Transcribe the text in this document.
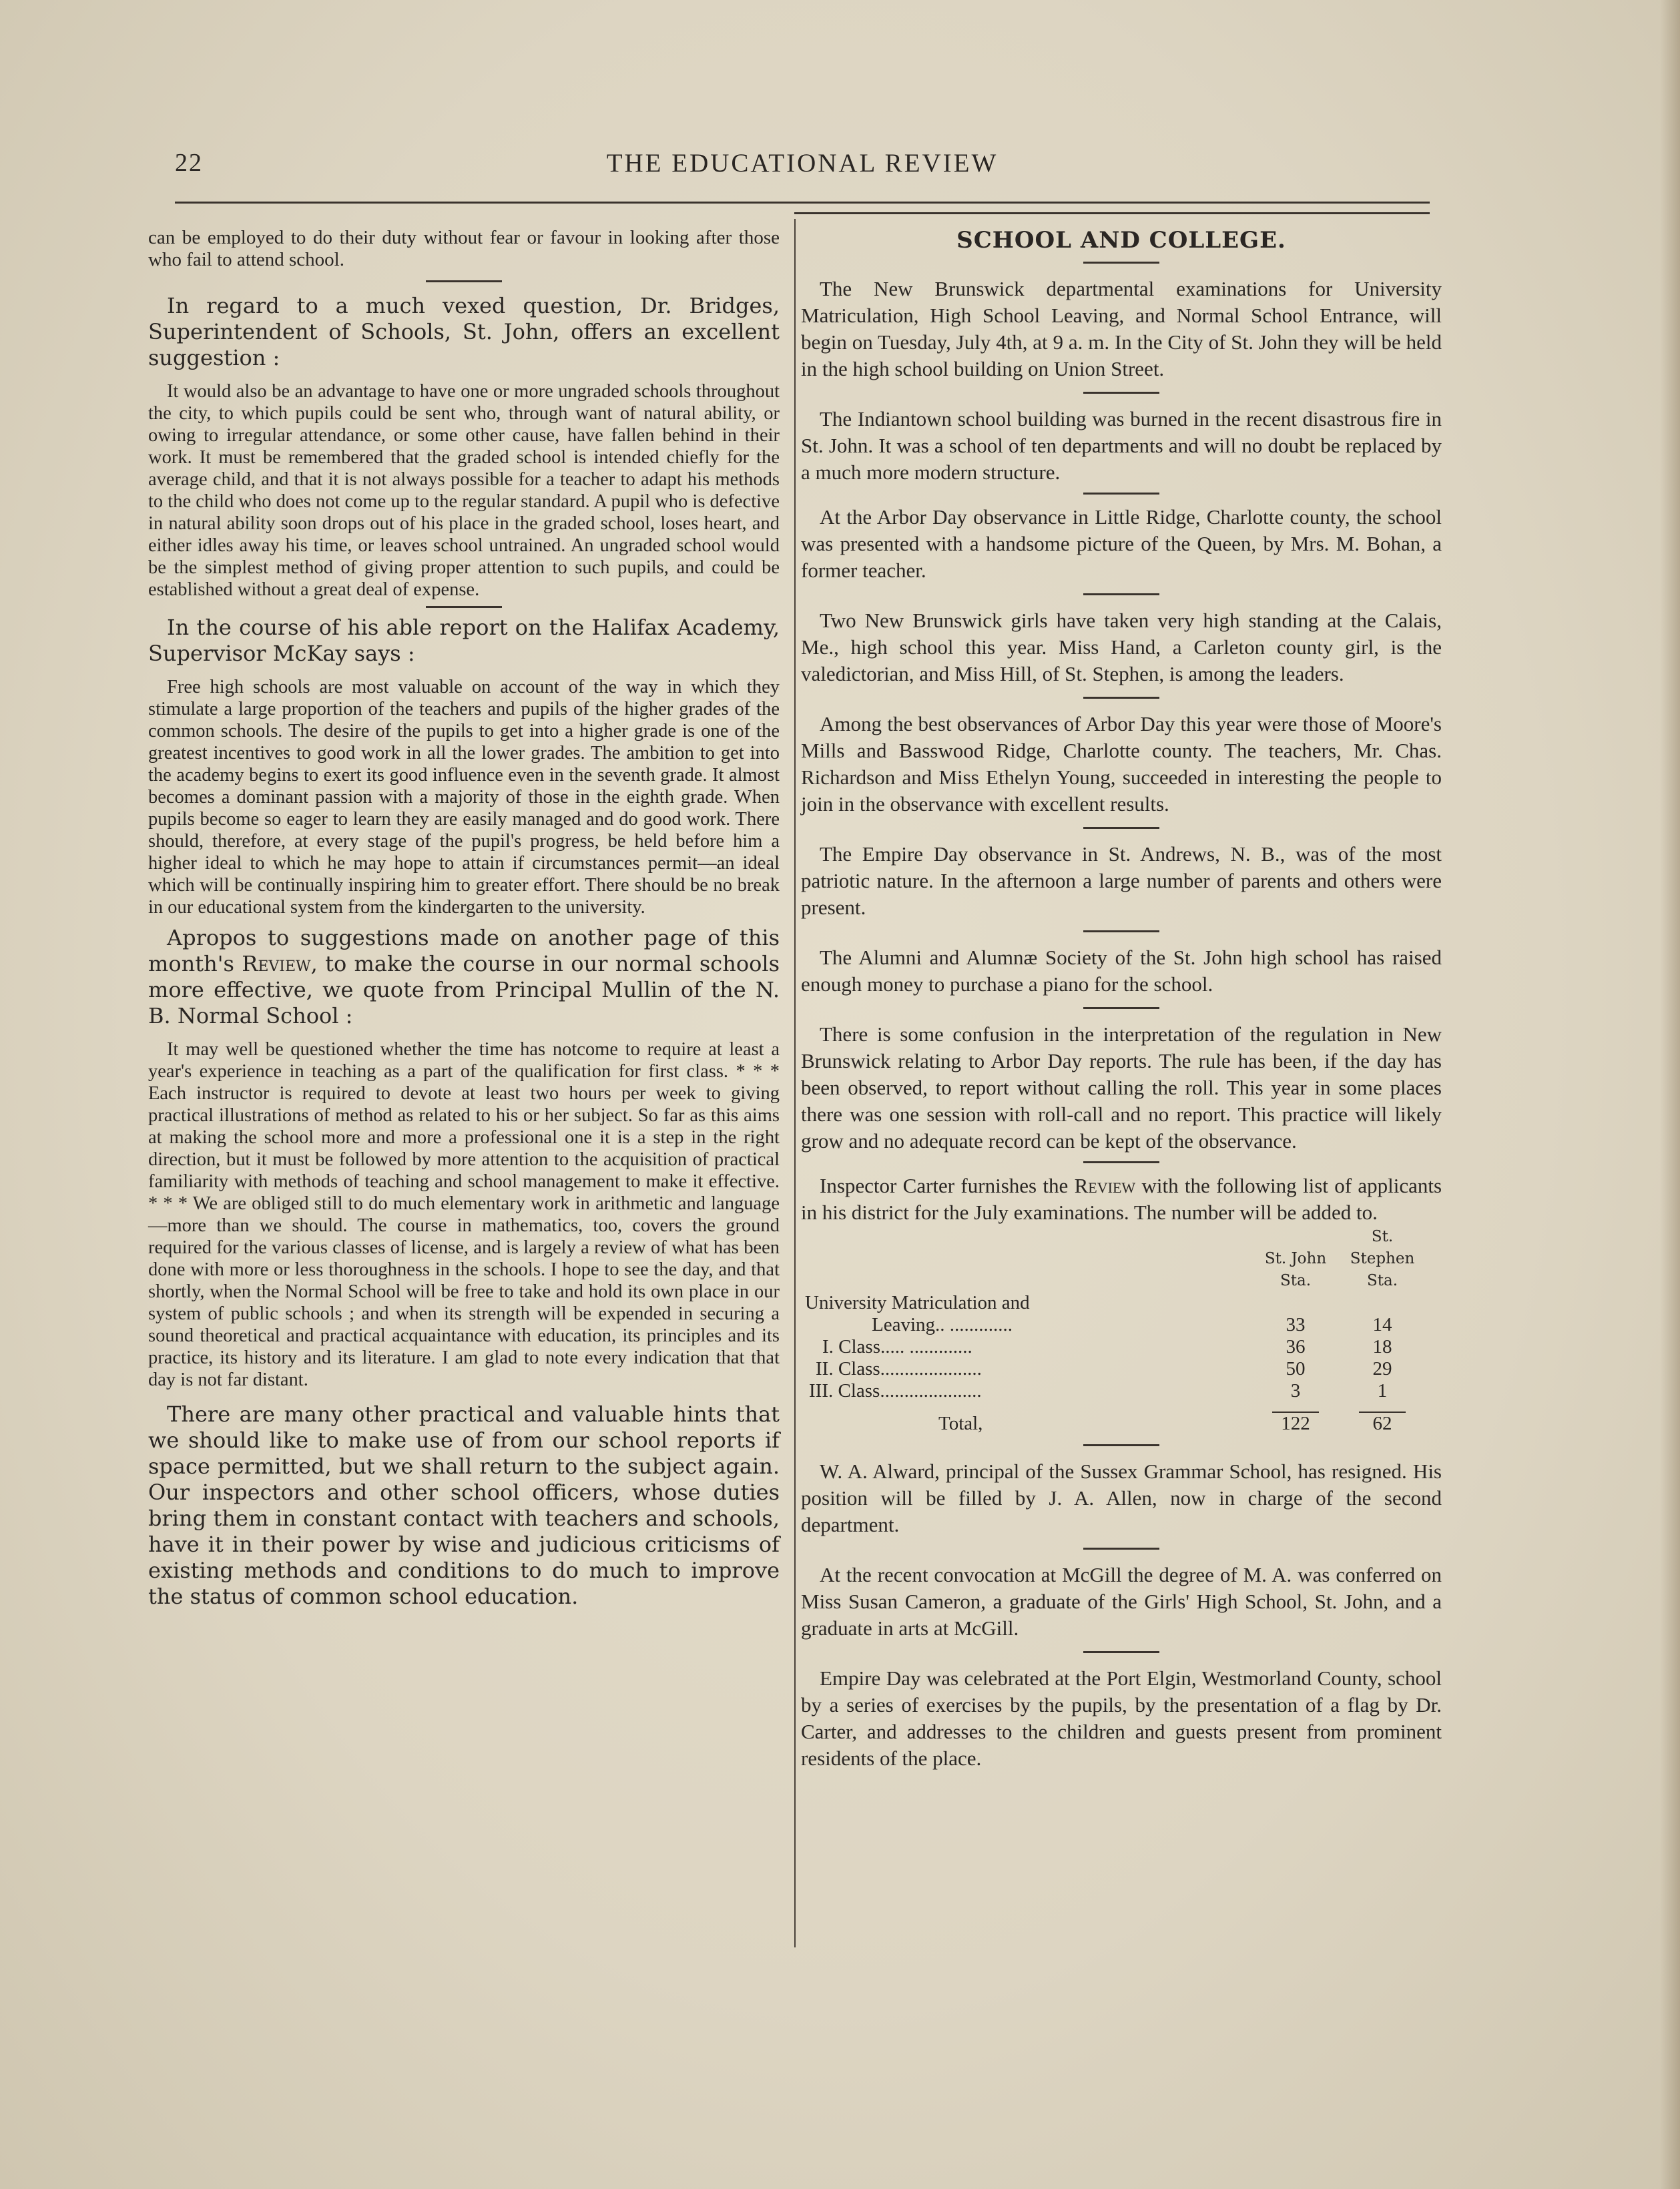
22	THE EDUCATIONAL REVIEW

can be employed to do their duty without fear or favour in looking after those who fail to attend school.

In regard to a much vexed question, Dr. Bridges, Superintendent of Schools, St. John, offers an excellent suggestion :

It would also be an advantage to have one or more ungraded schools throughout the city, to which pupils could be sent who, through want of natural ability, or owing to irregular attendance, or some other cause, have fallen behind in their work. It must be remembered that the graded school is intended chiefly for the average child, and that it is not always possible for a teacher to adapt his methods to the child who does not come up to the regular standard. A pupil who is defective in natural ability soon drops out of his place in the graded school, loses heart, and either idles away his time, or leaves school untrained. An ungraded school would be the simplest method of giving proper attention to such pupils, and could be established without a great deal of expense.

In the course of his able report on the Halifax Academy, Supervisor McKay says :

Free high schools are most valuable on account of the way in which they stimulate a large proportion of the teachers and pupils of the higher grades of the common schools. The desire of the pupils to get into a higher grade is one of the greatest incentives to good work in all the lower grades. The ambition to get into the academy begins to exert its good influence even in the seventh grade. It almost becomes a dominant passion with a majority of those in the eighth grade. When pupils become so eager to learn they are easily managed and do good work. There should, therefore, at every stage of the pupil's progress, be held before him a higher ideal to which he may hope to attain if circumstances permit—an ideal which will be continually inspiring him to greater effort. There should be no break in our educational system from the kindergarten to the university.

Apropos to suggestions made on another page of this month's Review, to make the course in our normal schools more effective, we quote from Principal Mullin of the N. B. Normal School :

It may well be questioned whether the time has notcome to require at least a year's experience in teaching as a part of the qualification for first class. * * * Each instructor is required to devote at least two hours per week to giving practical illustrations of method as related to his or her subject. So far as this aims at making the school more and more a professional one it is a step in the right direction, but it must be followed by more attention to the acquisition of practical familiarity with methods of teaching and school management to make it effective. * * * We are obliged still to do much elementary work in arithmetic and language—more than we should. The course in mathematics, too, covers the ground required for the various classes of license, and is largely a review of what has been done with more or less thoroughness in the schools. I hope to see the day, and that shortly, when the Normal School will be free to take and hold its own place in our system of public schools ; and when its strength will be expended in securing a sound theoretical and practical acquaintance with education, its principles and its practice, its history and its literature. I am glad to note every indication that that day is not far distant.

There are many other practical and valuable hints that we should like to make use of from our school reports if space permitted, but we shall return to the subject again. Our inspectors and other school officers, whose duties bring them in constant contact with teachers and schools, have it in their power by wise and judicious criticisms of existing methods and conditions to do much to improve the status of common school education.

SCHOOL AND COLLEGE.

The New Brunswick departmental examinations for University Matriculation, High School Leaving, and Normal School Entrance, will begin on Tuesday, July 4th, at 9 a. m. In the City of St. John they will be held in the high school building on Union Street.

The Indiantown school building was burned in the recent disastrous fire in St. John. It was a school of ten departments and will no doubt be replaced by a much more modern structure.

At the Arbor Day observance in Little Ridge, Charlotte county, the school was presented with a handsome picture of the Queen, by Mrs. M. Bohan, a former teacher.

Two New Brunswick girls have taken very high standing at the Calais, Me., high school this year. Miss Hand, a Carleton county girl, is the valedictorian, and Miss Hill, of St. Stephen, is among the leaders.

Among the best observances of Arbor Day this year were those of Moore's Mills and Basswood Ridge, Charlotte county. The teachers, Mr. Chas. Richardson and Miss Ethelyn Young, succeeded in interesting the people to join in the observance with excellent results.

The Empire Day observance in St. Andrews, N. B., was of the most patriotic nature. In the afternoon a large number of parents and others were present.

The Alumni and Alumnæ Society of the St. John high school has raised enough money to purchase a piano for the school.

There is some confusion in the interpretation of the regulation in New Brunswick relating to Arbor Day reports. The rule has been, if the day has been observed, to report without calling the roll. This year in some places there was one session with roll-call and no report. This practice will likely grow and no adequate record can be kept of the observance.

Inspector Carter furnishes the Review with the following list of applicants in his district for the July examinations. The number will be added to.

	St. John Sta.	St. Stephen Sta.
University Matriculation and		
Leaving.. .............	33	14
I. Class..... .............	36	18
II. Class.....................	50	29
III. Class.....................	3	1

Total,	122	62

W. A. Alward, principal of the Sussex Grammar School, has resigned. His position will be filled by J. A. Allen, now in charge of the second department.

At the recent convocation at McGill the degree of M. A. was conferred on Miss Susan Cameron, a graduate of the Girls' High School, St. John, and a graduate in arts at McGill.

Empire Day was celebrated at the Port Elgin, Westmorland County, school by a series of exercises by the pupils, by the presentation of a flag by Dr. Carter, and addresses to the children and guests present from prominent residents of the place.
